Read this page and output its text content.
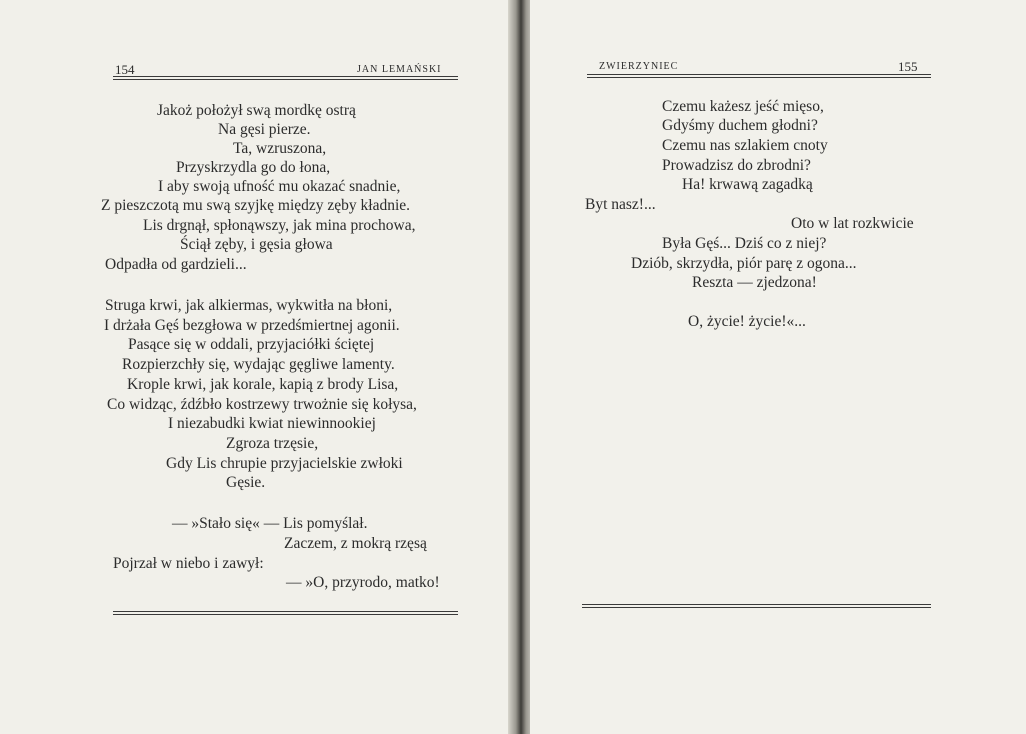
154	JAN LEMAŃSKI
Jakoż położył swą mordkę ostrą
Na gęsi pierze.
Ta, wzruszona,
Przyskrzydla go do łona,
I aby swoją ufność mu okazać snadnie,
Z pieszczotą mu swą szyjkę między zęby kładnie.
Lis drgnął, spłonąwszy, jak mina prochowa,
Ściął zęby, i gęsia głowa
Odpadła od gardzieli...
Struga krwi, jak alkiermas, wykwitła na błoni,
I drżała Gęś bezgłowa w przedśmiertnej agonii.
Pasące się w oddali, przyjaciółki ściętej
Rozpierzchły się, wydając gęgliwe lamenty.
Krople krwi, jak korale, kapią z brody Lisa,
Co widząc, źdźbło kostrzewy trwożnie się kołysa,
I niezabudki kwiat niewinnookiej
Zgroza trzęsie,
Gdy Lis chrupie przyjacielskie zwłoki
Gęsie.
— »Stało się« — Lis pomyślał.
Zaczem, z mokrą rzęsą
Pojrzał w niebo i zawył:
— »O, przyrodo, matko!
ZWIERZYNIEC	155
Czemu każesz jeść mięso,
Gdyśmy duchem głodni?
Czemu nas szlakiem cnoty
Prowadzisz do zbrodni?
Ha! krwawą zagadką
Byt nasz!...
Oto w lat rozkwicie
Była Gęś... Dziś co z niej?
Dziób, skrzydła, piór parę z ogona...
Reszta — zjedzona!
O, życie! życie!«...
